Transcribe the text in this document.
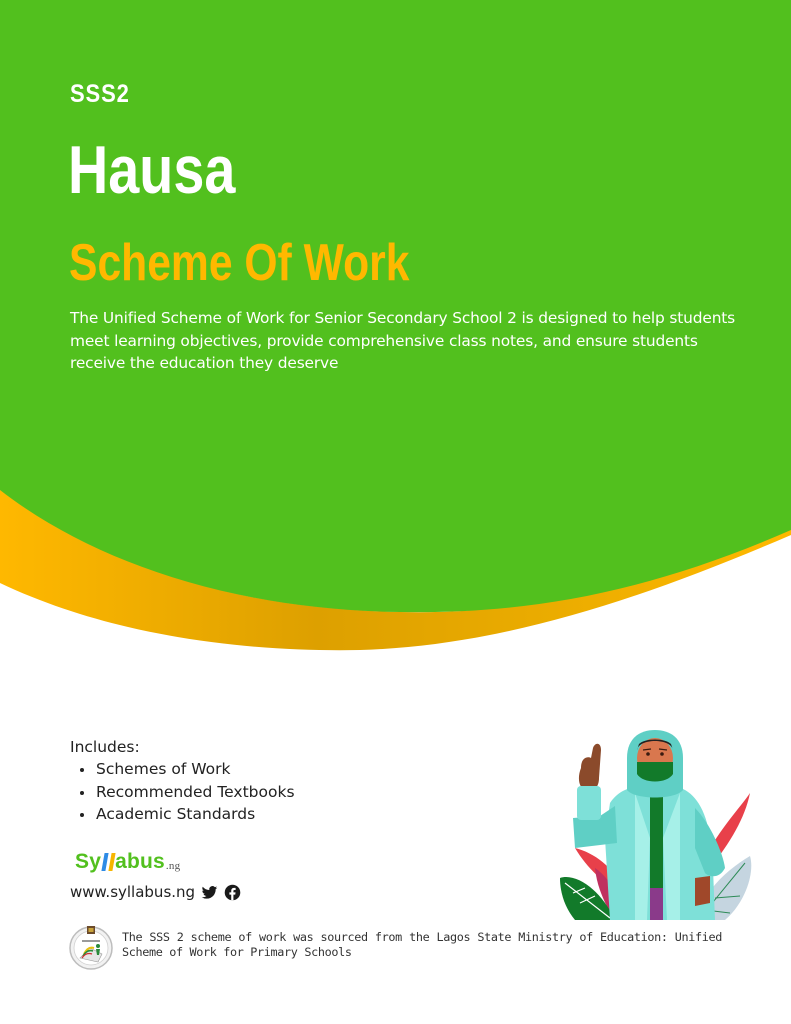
SSS2
Hausa
Scheme Of Work

The Unified Scheme of Work for Senior Secondary School 2 is designed to help students meet learning objectives, provide comprehensive class notes, and ensure students receive the education they deserve

Includes:
Schemes of Work
Recommended Textbooks
Academic Standards
Sy abus .ng
www.syllabus.ng

The SSS 2 scheme of work was sourced from the Lagos State Ministry of Education: Unified Scheme of Work for Primary Schools
